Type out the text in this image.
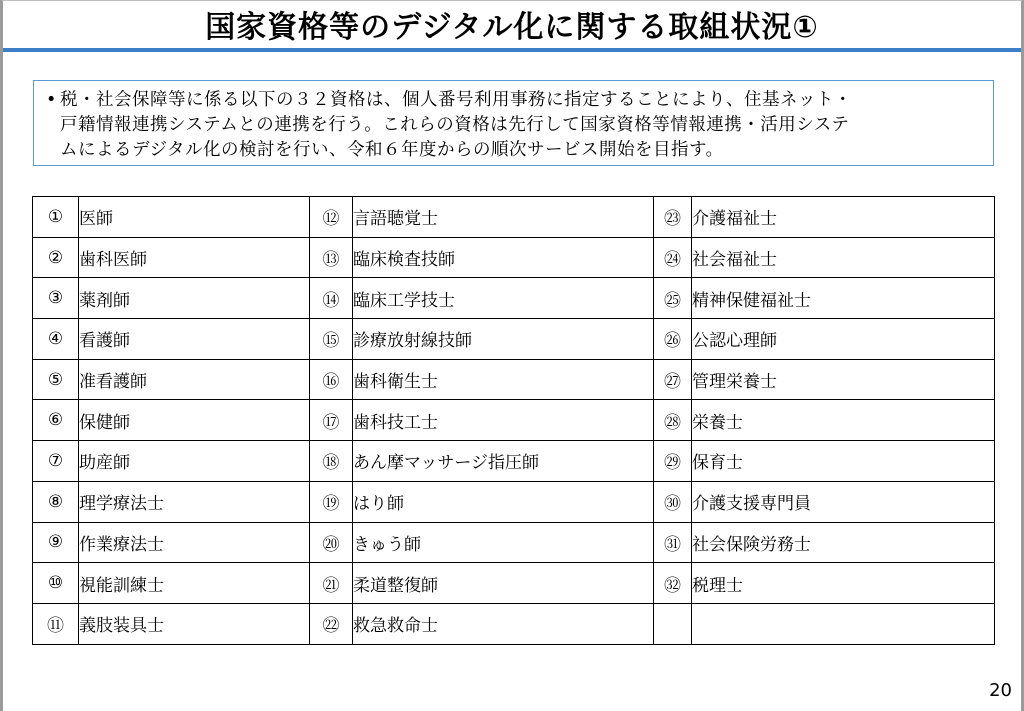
国家資格等のデジタル化に関する取組状況①
• 税・社会保障等に係る以下の３２資格は、個人番号利用事務に指定することにより、住基ネット・
戸籍情報連携システムとの連携を行う。これらの資格は先行して国家資格等情報連携・活用システ
ムによるデジタル化の検討を行い、令和６年度からの順次サービス開始を目指す。
①	医師	⑫	言語聴覚士	㉓	介護福祉士
②	歯科医師	⑬	臨床検査技師	㉔	社会福祉士
③	薬剤師	⑭	臨床工学技士	㉕	精神保健福祉士
④	看護師	⑮	診療放射線技師	㉖	公認心理師
⑤	准看護師	⑯	歯科衛生士	㉗	管理栄養士
⑥	保健師	⑰	歯科技工士	㉘	栄養士
⑦	助産師	⑱	あん摩マッサージ指圧師	㉙	保育士
⑧	理学療法士	⑲	はり師	㉚	介護支援専門員
⑨	作業療法士	⑳	きゅう師	㉛	社会保険労務士
⑩	視能訓練士	㉑	柔道整復師	㉜	税理士
⑪	義肢装具士	㉒	救急救命士		
20
